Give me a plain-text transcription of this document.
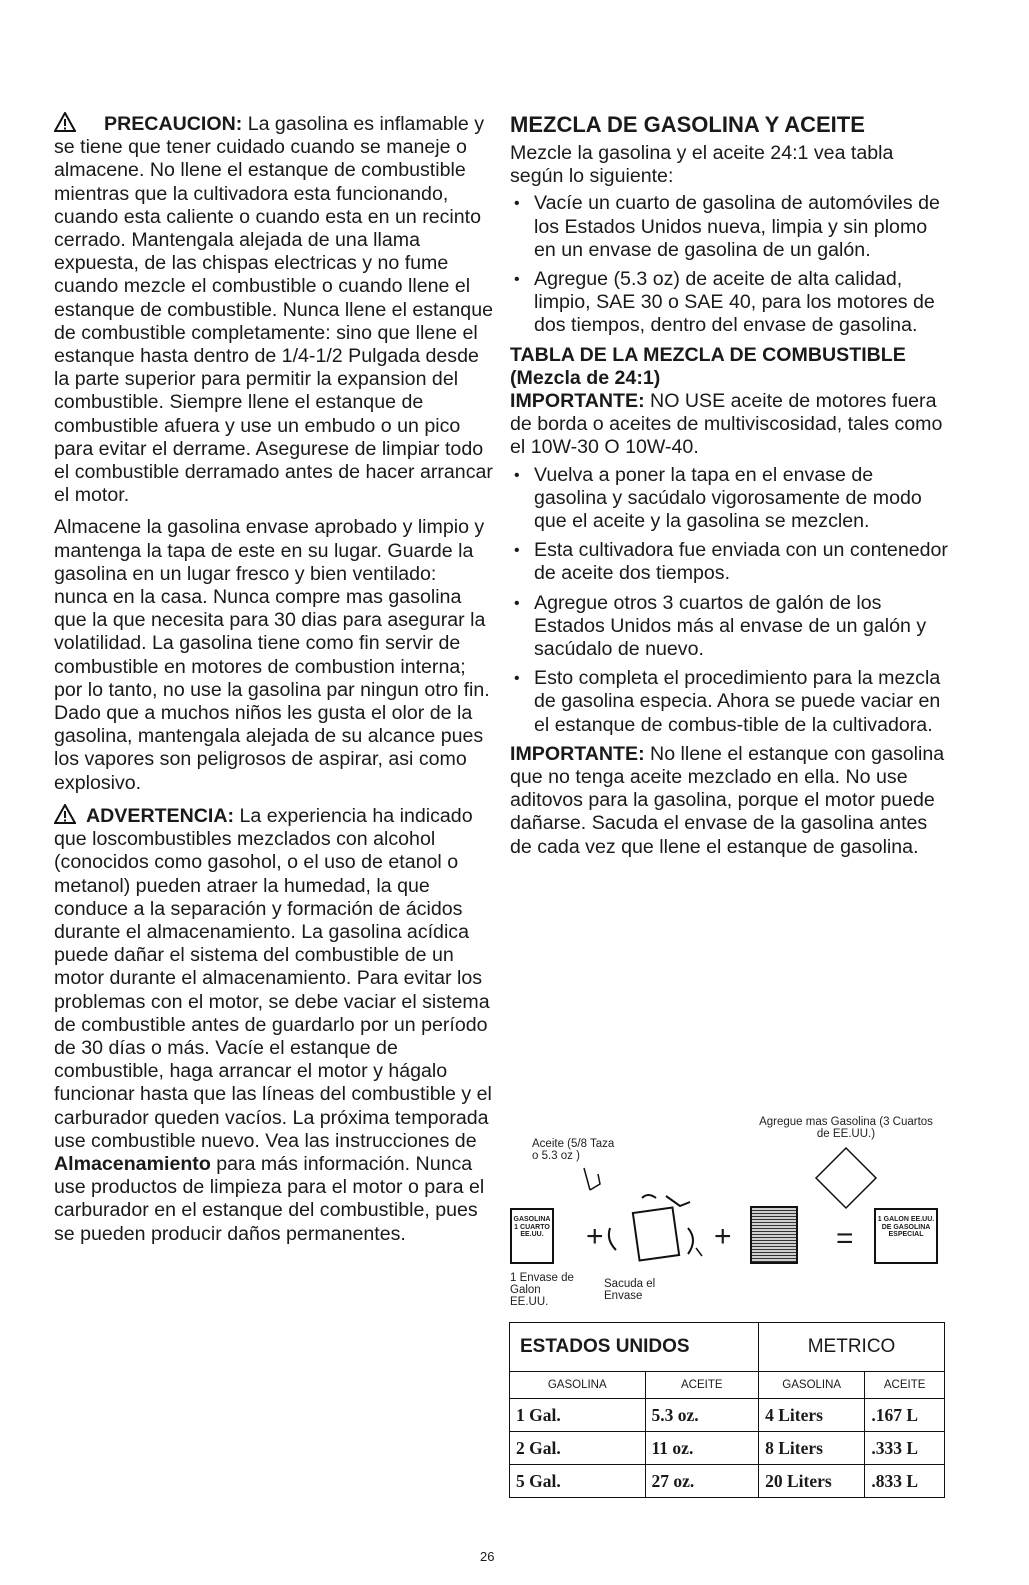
PRECAUCION: La gasolina es inflamable y se tiene que tener cuidado cuando se maneje o almacene. No llene el estanque de combustible mientras que la cultivadora esta funcionando, cuando esta caliente o cuando esta en un recinto cerrado. Mantengala alejada de una llama expuesta, de las chispas electricas y no fume cuando mezcle el combustible o cuando llene el estanque de combustible. Nunca llene el estanque de combustible completamente: sino que llene el estanque hasta dentro de 1/4-1/2 Pulgada desde la parte superior para permitir la expansion del combustible. Siempre llene el estanque de combustible afuera y use un embudo o un pico para evitar el derrame. Asegurese de limpiar todo el combustible derramado antes de hacer arrancar el motor.

Almacene la gasolina envase aprobado y limpio y mantenga la tapa de este en su lugar. Guarde la gasolina en un lugar fresco y bien ventilado: nunca en la casa. Nunca compre mas gasolina que la que necesita para 30 dias para asegurar la volatilidad. La gasolina tiene como fin servir de combustible en motores de combustion interna; por lo tanto, no use la gasolina par ningun otro fin. Dado que a muchos niños les gusta el olor de la gasolina, mantengala alejada de su alcance pues los vapores son peligrosos de aspirar, asi como explosivo.

ADVERTENCIA: La experiencia ha indicado que loscombustibles mezclados con alcohol (conocidos como gasohol, o el uso de etanol o metanol) pueden atraer la humedad, la que conduce a la separación y formación de ácidos durante el almacenamiento. La gasolina acídica puede dañar el sistema del combustible de un motor durante el almacenamiento. Para evitar los problemas con el motor, se debe vaciar el sistema de combustible antes de guardarlo por un período de 30 días o más. Vacíe el estanque de combustible, haga arrancar el motor y hágalo funcionar hasta que las líneas del combustible y el carburador queden vacíos. La próxima temporada use combustible nuevo. Vea las instrucciones de Almacenamiento para más información. Nunca use productos de limpieza para el motor o para el carburador en el estanque del combustible, pues se pueden producir daños permanentes.

MEZCLA DE GASOLINA Y ACEITE

Mezcle la gasolina y el aceite 24:1 vea tabla según lo siguiente:

• Vacíe un cuarto de gasolina de automóviles de los Estados Unidos nueva, limpia y sin plomo en un envase de gasolina de un galón.
• Agregue (5.3 oz) de aceite de alta calidad, limpio, SAE 30 o SAE 40, para los motores de dos tiempos, dentro del envase de gasolina.
TABLA DE LA MEZCLA DE COMBUSTIBLE (Mezcla de 24:1)

IMPORTANTE: NO USE aceite de motores fuera de borda o aceites de multiviscosidad, tales como el 10W-30 O 10W-40.

• Vuelva a poner la tapa en el envase de gasolina y sacúdalo vigorosamente de modo que el aceite y la gasolina se mezclen.
• Esta cultivadora fue enviada con un contenedor de aceite dos tiempos.
• Agregue otros 3 cuartos de galón de los Estados Unidos más al envase de un galón y sacúdalo de nuevo.
• Esto completa el procedimiento para la mezcla de gasolina especia. Ahora se puede vaciar en el estanque de combus-tible de la cultivadora.

IMPORTANTE: No llene el estanque con gasolina que no tenga aceite mezclado en ella. No use aditovos para la gasolina, porque el motor puede dañarse. Sacuda el envase de la gasolina antes de cada vez que llene el estanque de gasolina.

Aceite (5/8 Taza o 5.3 oz )
Agregue mas Gasolina (3 Cuartos de EE.UU.)
GASOLINA 1 CUARTO EE.UU. +	+	=
1 GALON EE.UU. DE GASOLINA ESPECIAL
1 Envase de Galon EE.UU.
Sacuda el Envase
ESTADOS UNIDOS		METRICO	
GASOLINA	ACEITE	GASOLINA	ACEITE
1 Gal.	5.3 oz.	4 Liters	.167 L
2 Gal.	11 oz.	8 Liters	.333 L
5 Gal.	27 oz.	20 Liters	.833 L
26
